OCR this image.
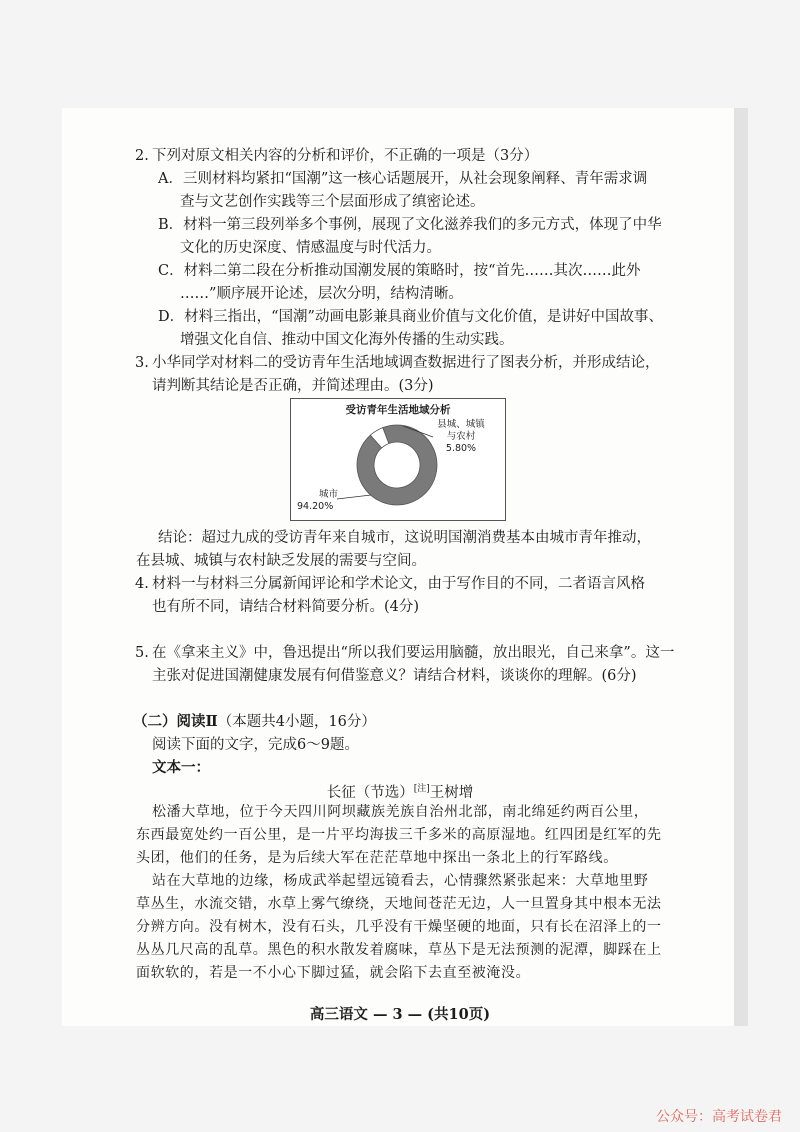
2. 下列对原文相关内容的分析和评价，不正确的一项是（3分）
A．三则材料均紧扣“国潮”这一核心话题展开，从社会现象阐释、青年需求调
查与文艺创作实践等三个层面形成了缜密论述。
B．材料一第三段列举多个事例，展现了文化滋养我们的多元方式，体现了中华
文化的历史深度、情感温度与时代活力。
C．材料二第二段在分析推动国潮发展的策略时，按“首先……其次……此外
……”顺序展开论述，层次分明，结构清晰。
D．材料三指出，“国潮”动画电影兼具商业价值与文化价值，是讲好中国故事、
增强文化自信、推动中国文化海外传播的生动实践。
3. 小华同学对材料二的受访青年生活地域调查数据进行了图表分析，并形成结论，
请判断其结论是否正确，并简述理由。(3分)
受访青年生活地域分析
县城、城镇
与农村
5.80%
城市
94.20%
结论：超过九成的受访青年来自城市，这说明国潮消费基本由城市青年推动，
在县城、城镇与农村缺乏发展的需要与空间。
4. 材料一与材料三分属新闻评论和学术论文，由于写作目的不同，二者语言风格
也有所不同，请结合材料简要分析。(4分)
5. 在《拿来主义》中，鲁迅提出“所以我们要运用脑髓，放出眼光，自己来拿”。这一
主张对促进国潮健康发展有何借鉴意义？请结合材料，谈谈你的理解。(6分)
（二）阅读Ⅱ（本题共4小题，16分）
阅读下面的文字，完成6～9题。
文本一：
长征（节选）[注]王树增
松潘大草地，位于今天四川阿坝藏族羌族自治州北部，南北绵延约两百公里，
东西最宽处约一百公里，是一片平均海拔三千多米的高原湿地。红四团是红军的先
头团，他们的任务，是为后续大军在茫茫草地中探出一条北上的行军路线。
站在大草地的边缘，杨成武举起望远镜看去，心情骤然紧张起来：大草地里野
草丛生，水流交错，水草上雾气缭绕，天地间苍茫无边，人一旦置身其中根本无法
分辨方向。没有树木，没有石头，几乎没有干燥坚硬的地面，只有长在沼泽上的一
丛丛几尺高的乱草。黑色的积水散发着腐味，草丛下是无法预测的泥潭，脚踩在上
面软软的，若是一不小心下脚过猛，就会陷下去直至被淹没。
高三语文 — 3 — (共10页)
公众号：高考试卷君
